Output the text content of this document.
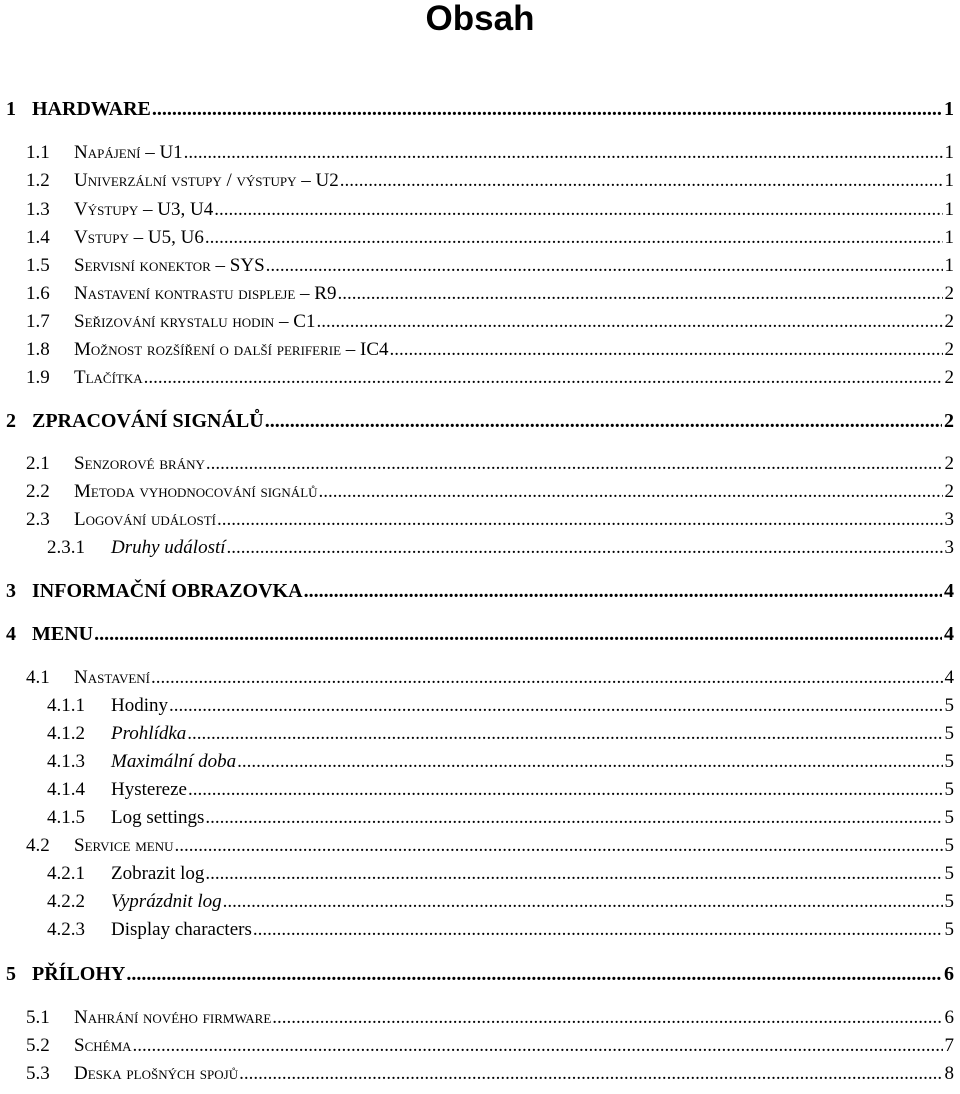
Obsah
1 HARDWARE .....	1
1.1	Napájení – U1 .....	1
1.2	Univerzální vstupy / výstupy – U2 .....	1
1.3	Výstupy – U3, U4 .....	1
1.4	Vstupy – U5, U6 .....	1
1.5	Servisní konektor – SYS .....	1
1.6	Nastavení kontrastu displeje – R9 .....	2
1.7	Seřizování krystalu hodin – C1 .....	2
1.8	Možnost rozšíření o další periferie – IC4 .....	2
1.9	Tlačítka .....	2
2 ZPRACOVÁNÍ SIGNÁLŮ .....	2
2.1	Senzorové brány .....	2
2.2	Metoda vyhodnocování signálů .....	2
2.3	Logování událostí .....	3
2.3.1	Druhy událostí .....	3
3 INFORMAČNÍ OBRAZOVKA .....	4
4 MENU .....	4
4.1	Nastavení .....	4
4.1.1	Hodiny .....	5
4.1.2	Prohlídka .....	5
4.1.3	Maximální doba .....	5
4.1.4	Hystereze .....	5
4.1.5	Log settings .....	5
4.2	Service menu .....	5
4.2.1	Zobrazit log .....	5
4.2.2	Vyprázdnit log .....	5
4.2.3	Display characters .....	5
5 PŘÍLOHY .....	6
5.1	Nahrání nového firmware .....	6
5.2	Schéma .....	7
5.3	Deska plošných spojů .....	8
